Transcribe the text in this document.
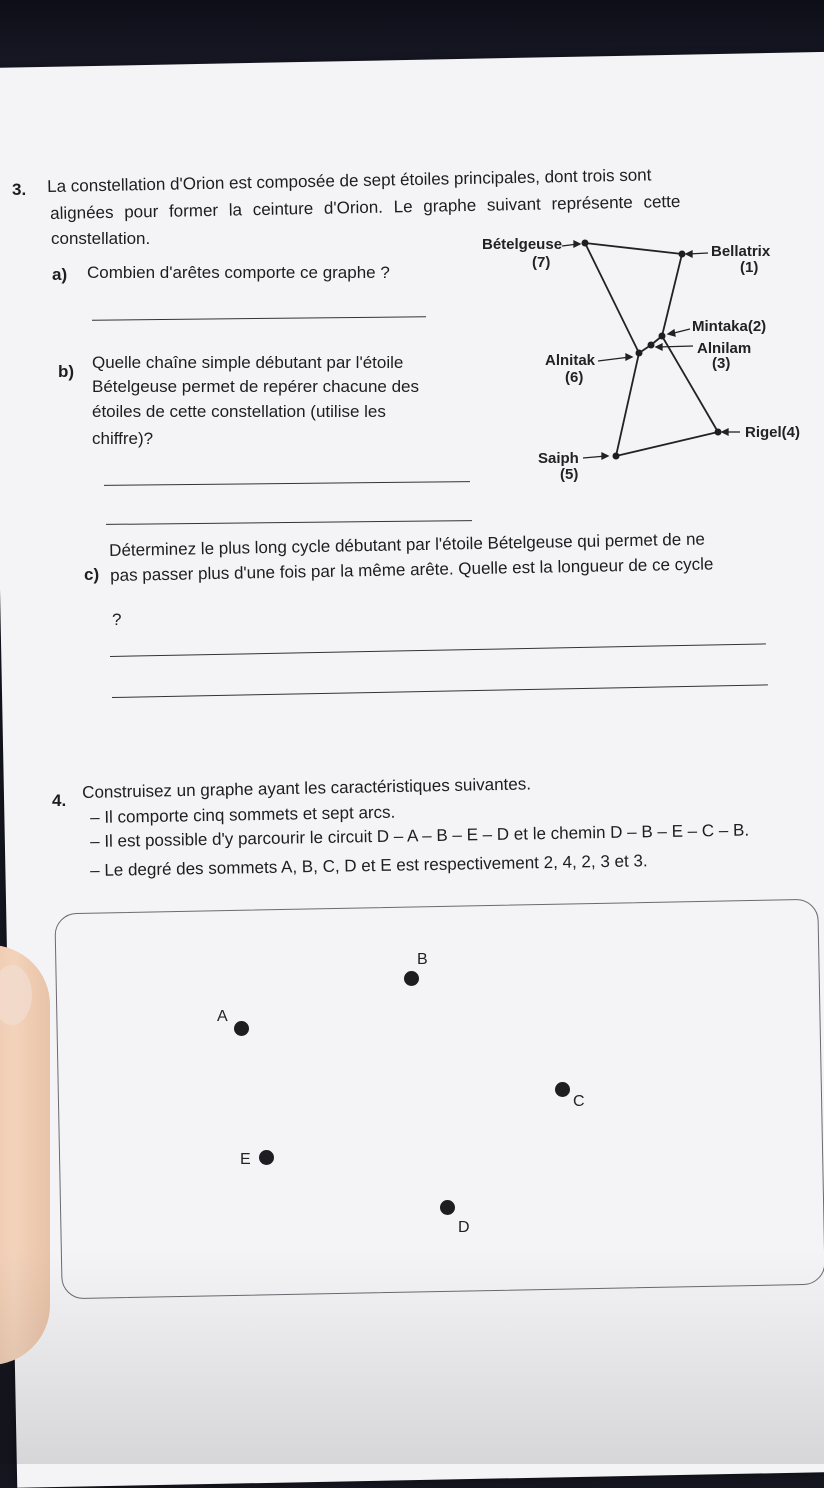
3. La constellation d'Orion est composée de sept étoiles principales, dont trois sont
alignées pour former la ceinture d'Orion. Le graphe suivant représente cette
constellation.
a) Combien d'arêtes comporte ce graphe ?
b) Quelle chaîne simple débutant par l'étoile
Bételgeuse permet de repérer chacune des
étoiles de cette constellation (utilise les
chiffre)?
Bételgeuse
(7)
Bellatrix
(1)
Mintaka(2)
Alnilam
(3)
Alnitak
(6)
Rigel(4)
Saiph
(5)
c)
Déterminez le plus long cycle débutant par l'étoile Bételgeuse qui permet de ne
pas passer plus d'une fois par la même arête. Quelle est la longueur de ce cycle
?
4. Construisez un graphe ayant les caractéristiques suivantes.
– Il comporte cinq sommets et sept arcs.
– Il est possible d'y parcourir le circuit D – A – B – E – D et le chemin D – B – E – C – B.
– Le degré des sommets A, B, C, D et E est respectivement 2, 4, 2, 3 et 3.
B
A
C
E
D
